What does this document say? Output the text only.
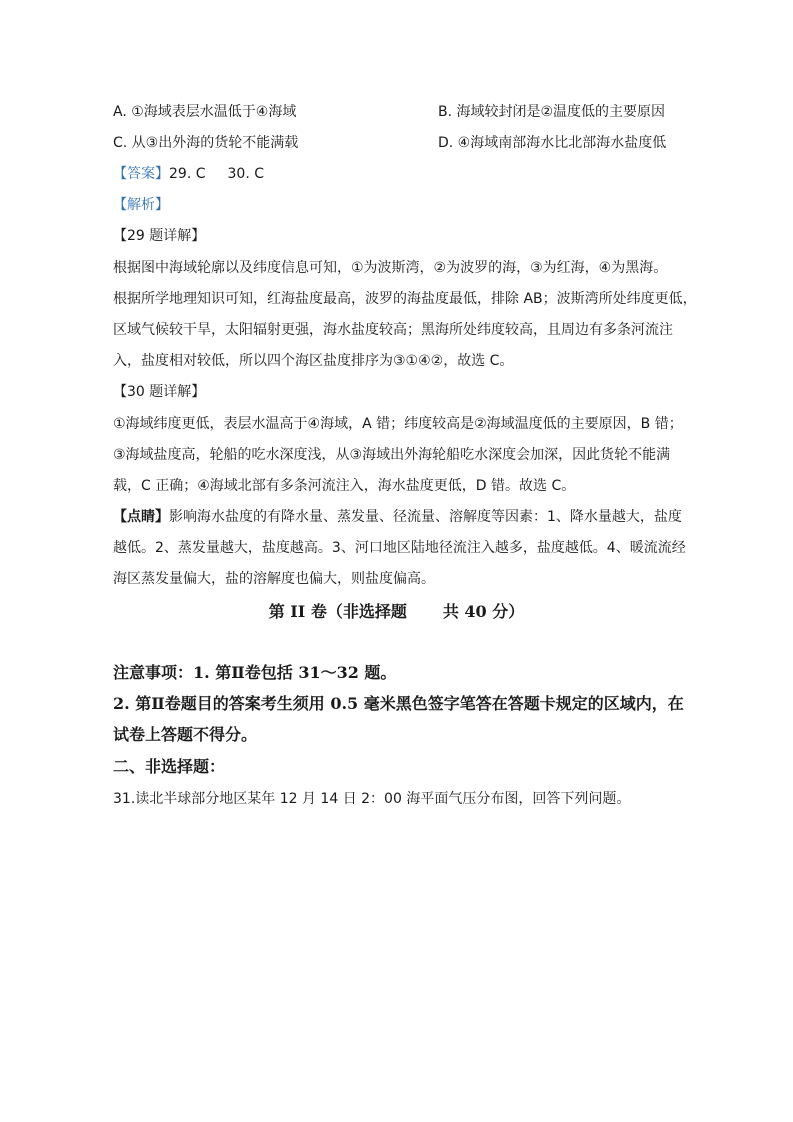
A. ①海域表层水温低于④海域	B. 海域较封闭是②温度低的主要原因
C. 从③出外海的货轮不能满载	D. ④海域南部海水比北部海水盐度低
【答案】29. C 30. C
【解析】
【29 题详解】
根据图中海域轮廓以及纬度信息可知，①为波斯湾，②为波罗的海，③为红海，④为黑海。
根据所学地理知识可知，红海盐度最高，波罗的海盐度最低，排除 AB；波斯湾所处纬度更低，
区域气候较干旱，太阳辐射更强，海水盐度较高；黑海所处纬度较高，且周边有多条河流注
入，盐度相对较低，所以四个海区盐度排序为③①④②，故选 C。
【30 题详解】
①海域纬度更低，表层水温高于④海域，A 错；纬度较高是②海域温度低的主要原因，B 错；
③海域盐度高，轮船的吃水深度浅，从③海域出外海轮船吃水深度会加深，因此货轮不能满
载，C 正确；④海域北部有多条河流注入，海水盐度更低，D 错。故选 C。
【点睛】影响海水盐度的有降水量、蒸发量、径流量、溶解度等因素：1、降水量越大，盐度
越低。2、蒸发量越大，盐度越高。3、河口地区陆地径流注入越多，盐度越低。4、暖流流经
海区蒸发量偏大，盐的溶解度也偏大，则盐度偏高。
第 II 卷（非选择题 共 40 分）
注意事项：1. 第Ⅱ卷包括 31～32 题。
2. 第Ⅱ卷题目的答案考生须用 0.5 毫米黑色签字笔答在答题卡规定的区域内，在
试卷上答题不得分。
二、非选择题：
31.读北半球部分地区某年 12 月 14 日 2：00 海平面气压分布图，回答下列问题。
